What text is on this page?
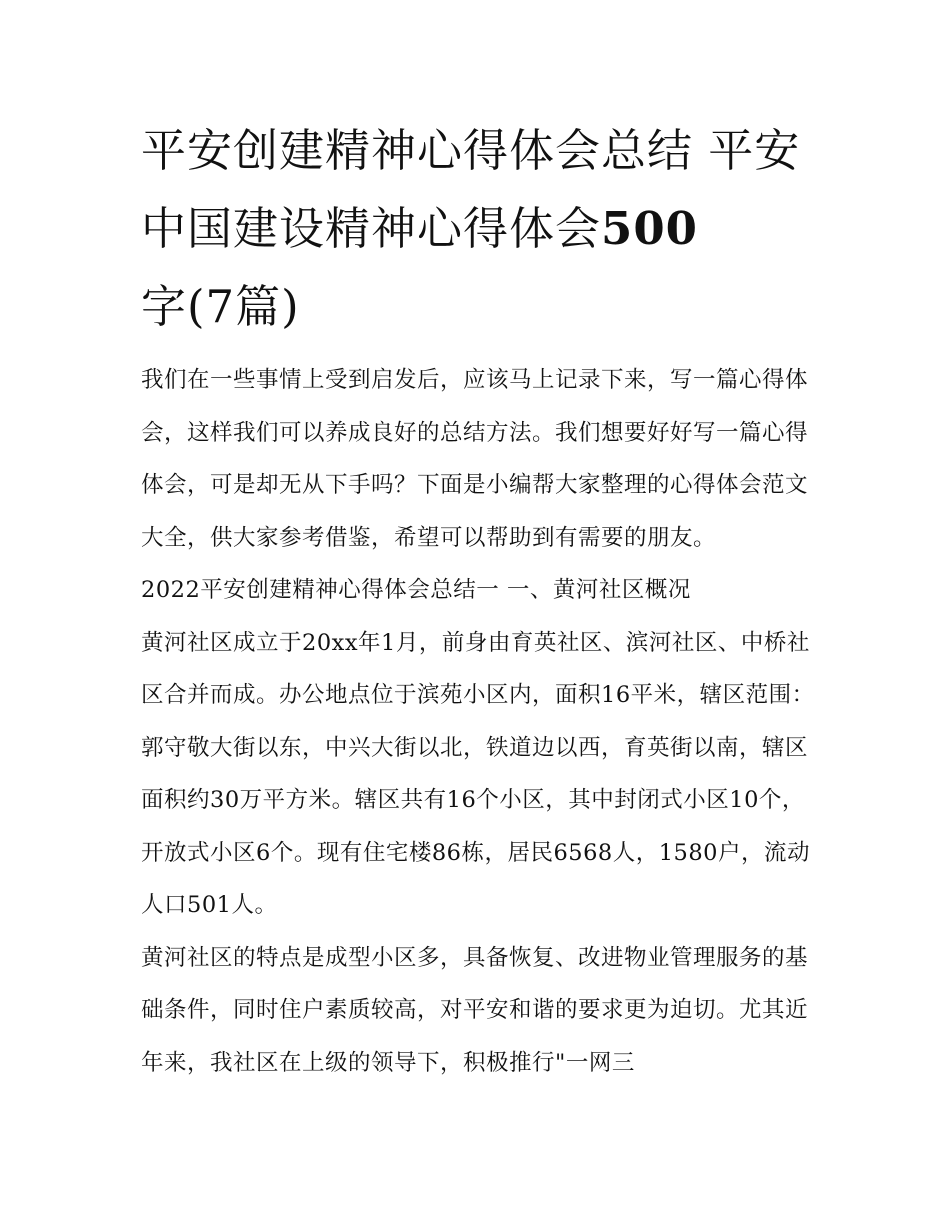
平安创建精神心得体会总结 平安中国建设精神心得体会500
字(7篇)

我们在一些事情上受到启发后，应该马上记录下来，写一篇心得体会，这样我们可以养成良好的总结方法。我们想要好好写一篇心得体会，可是却无从下手吗？下面是小编帮大家整理的心得体会范文大全，供大家参考借鉴，希望可以帮助到有需要的朋友。

2022平安创建精神心得体会总结一 一、黄河社区概况

黄河社区成立于20xx年1月，前身由育英社区、滨河社区、中桥社区合并而成。办公地点位于滨苑小区内，面积16平米，辖区范围：郭守敬大街以东，中兴大街以北，铁道边以西，育英街以南，辖区面积约30万平方米。辖区共有16个小区，其中封闭式小区10个，开放式小区6个。现有住宅楼86栋，居民6568人，1580户，流动人口501人。

黄河社区的特点是成型小区多，具备恢复、改进物业管理服务的基础条件，同时住户素质较高，对平安和谐的要求更为迫切。尤其近年来，我社区在上级的领导下，积极推行"一网三
